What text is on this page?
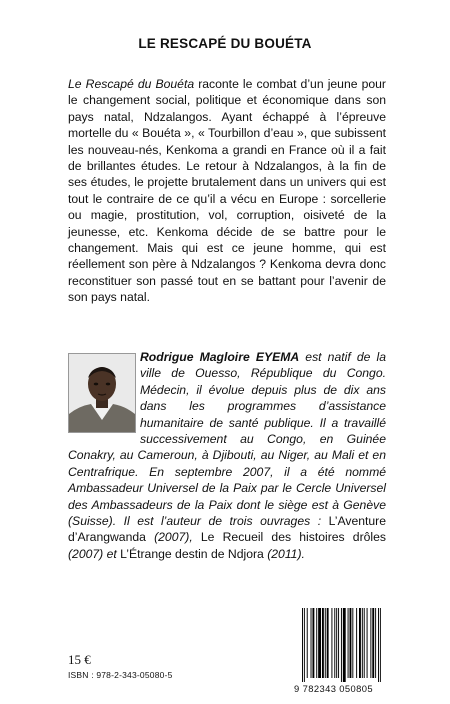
LE RESCAPÉ DU BOUÉTA
Le Rescapé du Bouéta raconte le combat d’un jeune pour le changement social, politique et économique dans son pays natal, Ndzalangos. Ayant échappé à l’épreuve mortelle du « Bouéta », « Tourbillon d’eau », que subissent les nouveau-nés, Kenkoma a grandi en France où il a fait de brillantes études. Le retour à Ndzalangos, à la fin de ses études, le projette brutalement dans un univers qui est tout le contraire de ce qu’il a vécu en Europe : sorcellerie ou magie, prostitution, vol, corruption, oisiveté de la jeunesse, etc. Kenkoma décide de se battre pour le changement. Mais qui est ce jeune homme, qui est réellement son père à Ndzalangos ? Kenkoma devra donc reconstituer son passé tout en se battant pour l’avenir de son pays natal.
Rodrigue Magloire EYEMA est natif de la ville de Ouesso, République du Congo. Médecin, il évolue depuis plus de dix ans dans les programmes d’assistance humanitaire de santé publique. Il a travaillé successivement au Congo, en Guinée Conakry, au Cameroun, à Djibouti, au Niger, au Mali et en Centrafrique. En septembre 2007, il a été nommé Ambassadeur Universel de la Paix par le Cercle Universel des Ambassadeurs de la Paix dont le siège est à Genève (Suisse). Il est l’auteur de trois ouvrages : L’Aventure d’Arangwanda (2007), Le Recueil des histoires drôles (2007) et L’Étrange destin de Ndjora (2011).
15 €
ISBN : 978-2-343-05080-5
9 782343 050805
